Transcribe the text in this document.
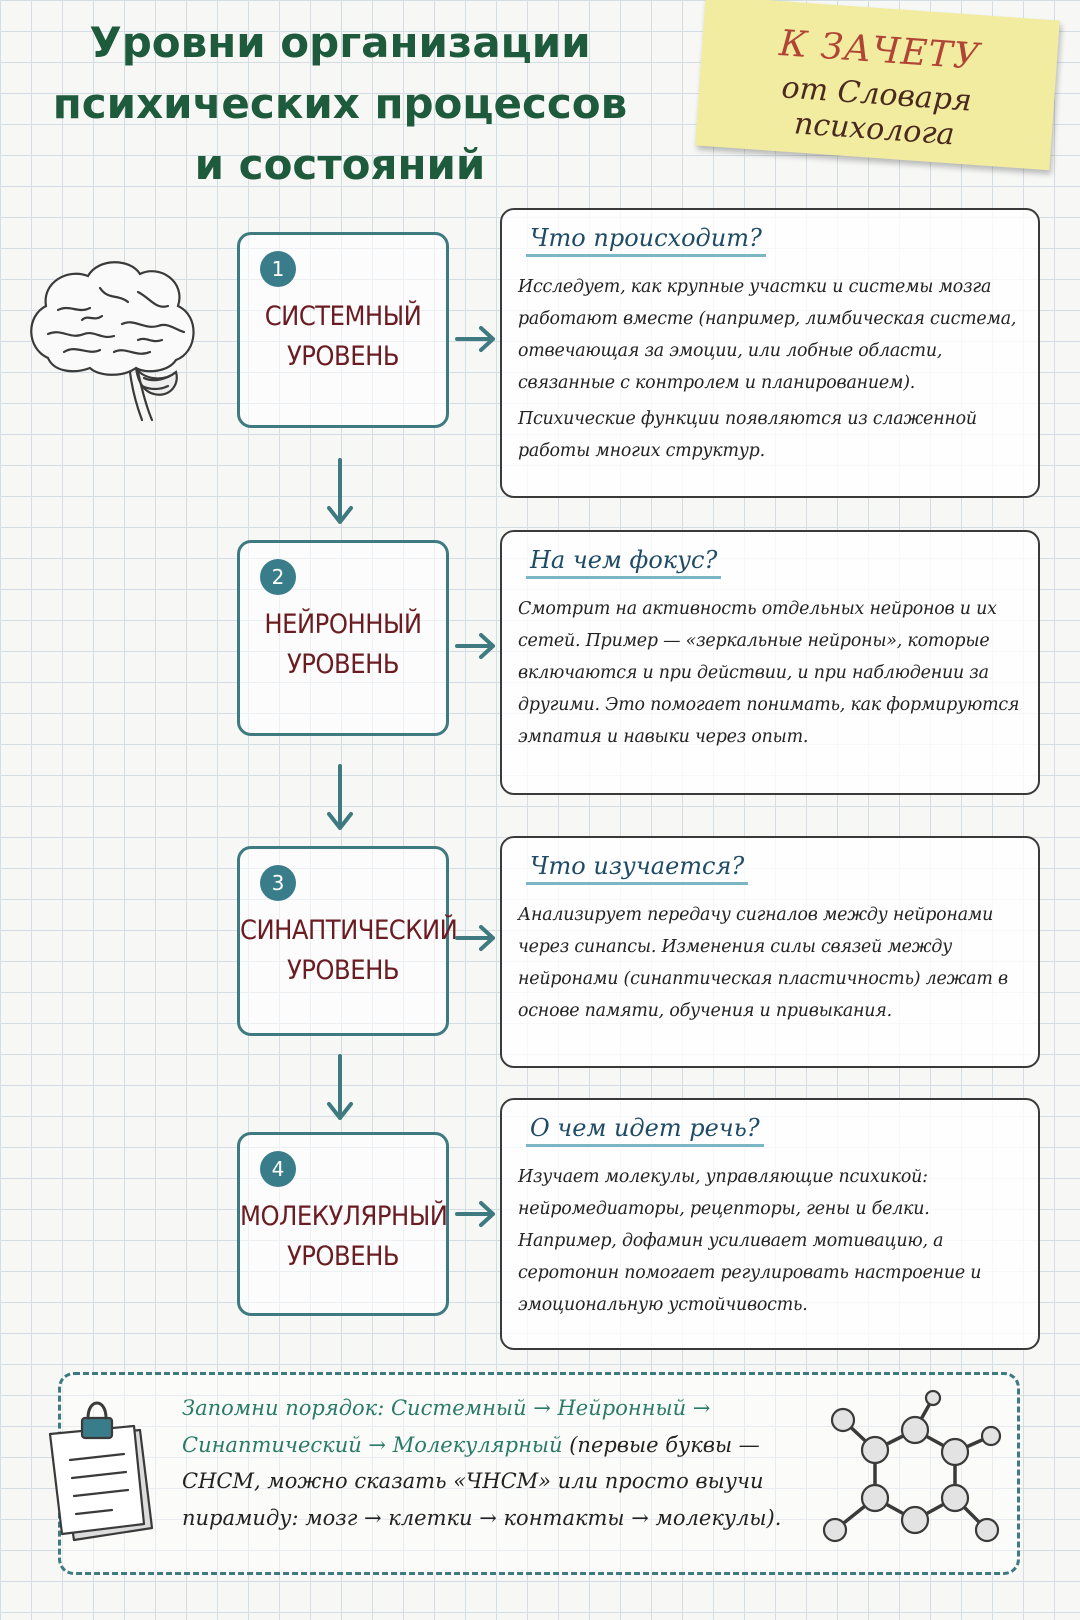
Уровни организации
психических процессов
и состояний
К ЗАЧЕТУ
от Словаря психолога
1
СИСТЕМНЫЙ
УРОВЕНЬ
Что происходит?
Исследует, как крупные участки и системы мозга работают вместе (например, лимбическая система, отвечающая за эмоции, или лобные области, связанные с контролем и планированием).
Психические функции появляются из слаженной работы многих структур.
2
НЕЙРОННЫЙ
УРОВЕНЬ
На чем фокус?
Смотрит на активность отдельных нейронов и их сетей. Пример — «зеркальные нейроны», которые включаются и при действии, и при наблюдении за другими. Это помогает понимать, как формируются эмпатия и навыки через опыт.
3
СИНАПТИЧЕСКИЙ
УРОВЕНЬ
Что изучается?
Анализирует передачу сигналов между нейронами через синапсы. Изменения силы связей между нейронами (синаптическая пластичность) лежат в основе памяти, обучения и привыкания.
4
МОЛЕКУЛЯРНЫЙ
УРОВЕНЬ
О чем идет речь?
Изучает молекулы, управляющие психикой: нейромедиаторы, рецепторы, гены и белки. Например, дофамин усиливает мотивацию, а серотонин помогает регулировать настроение и эмоциональную устойчивость.
Запомни порядок: Системный → Нейронный → Синаптический → Молекулярный (первые буквы — СНСМ, можно сказать «ЧНСМ» или просто выучи пирамиду: мозг → клетки → контакты → молекулы).
